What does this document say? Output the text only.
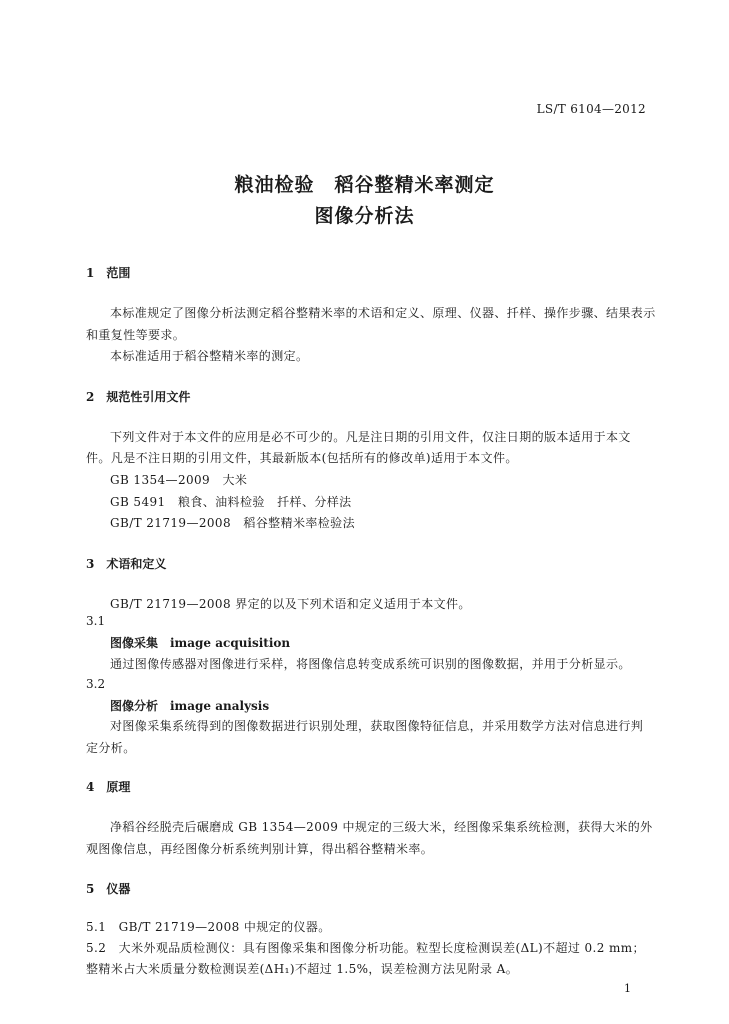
LS/T 6104—2012
粮油检验　稻谷整精米率测定
图像分析法
1　范围
本标准规定了图像分析法测定稻谷整精米率的术语和定义、原理、仪器、扦样、操作步骤、结果表示
和重复性等要求。
本标准适用于稻谷整精米率的测定。
2　规范性引用文件
下列文件对于本文件的应用是必不可少的。凡是注日期的引用文件，仅注日期的版本适用于本文
件。凡是不注日期的引用文件，其最新版本(包括所有的修改单)适用于本文件。
GB 1354—2009　大米
GB 5491　粮食、油料检验　扦样、分样法
GB/T 21719—2008　稻谷整精米率检验法
3　术语和定义
GB/T 21719—2008 界定的以及下列术语和定义适用于本文件。
3.1
图像采集　image acquisition
通过图像传感器对图像进行采样，将图像信息转变成系统可识别的图像数据，并用于分析显示。
3.2
图像分析　image analysis
对图像采集系统得到的图像数据进行识别处理，获取图像特征信息，并采用数学方法对信息进行判
定分析。
4　原理
净稻谷经脱壳后碾磨成 GB 1354—2009 中规定的三级大米，经图像采集系统检测，获得大米的外
观图像信息，再经图像分析系统判别计算，得出稻谷整精米率。
5　仪器
5.1　GB/T 21719—2008 中规定的仪器。
5.2　大米外观品质检测仪：具有图像采集和图像分析功能。粒型长度检测误差(ΔL)不超过 0.2 mm；
整精米占大米质量分数检测误差(ΔH₁)不超过 1.5%，误差检测方法见附录 A。
1
